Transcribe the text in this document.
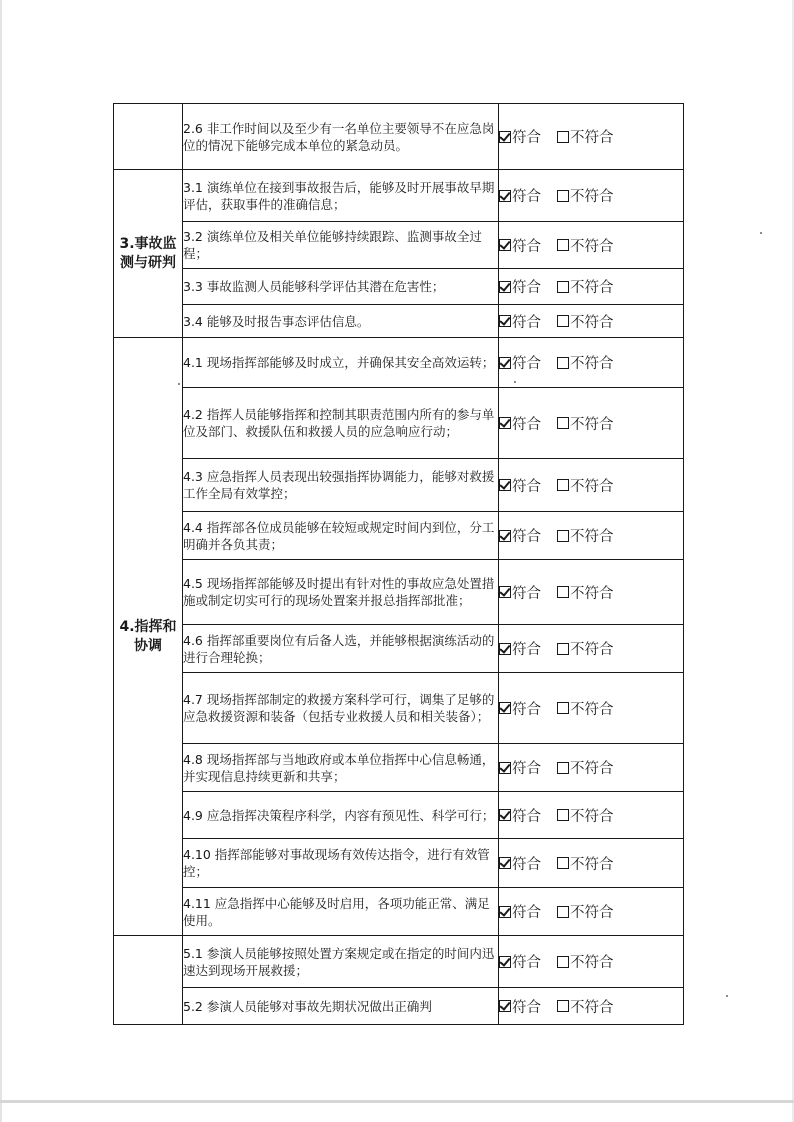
	2.6 非工作时间以及至少有一名单位主要领导不在应急岗位的情况下能够完成本单位的紧急动员。	符合 不符合

3.事故监测与研判	3.1 演练单位在接到事故报告后，能够及时开展事故早期评估，获取事件的准确信息；	符合 不符合

	3.2 演练单位及相关单位能够持续跟踪、监测事故全过程；	符合 不符合

	3.3 事故监测人员能够科学评估其潜在危害性；	符合 不符合

	3.4 能够及时报告事态评估信息。	符合 不符合

4.指挥和协调	4.1 现场指挥部能够及时成立，并确保其安全高效运转；	符合 不符合

	4.2 指挥人员能够指挥和控制其职责范围内所有的参与单位及部门、救援队伍和救援人员的应急响应行动；	符合 不符合

	4.3 应急指挥人员表现出较强指挥协调能力，能够对救援工作全局有效掌控；	符合 不符合

	4.4 指挥部各位成员能够在较短或规定时间内到位，分工明确并各负其责；	符合 不符合

	4.5 现场指挥部能够及时提出有针对性的事故应急处置措施或制定切实可行的现场处置案并报总指挥部批准；	符合 不符合

	4.6 指挥部重要岗位有后备人选，并能够根据演练活动的进行合理轮换；	符合 不符合

	4.7 现场指挥部制定的救援方案科学可行，调集了足够的应急救援资源和装备（包括专业救援人员和相关装备）；	符合 不符合

	4.8 现场指挥部与当地政府或本单位指挥中心信息畅通，并实现信息持续更新和共享；	符合 不符合

	4.9 应急指挥决策程序科学，内容有预见性、科学可行；	符合 不符合

	4.10 指挥部能够对事故现场有效传达指令，进行有效管控；	符合 不符合

	4.11 应急指挥中心能够及时启用，各项功能正常、满足使用。	符合 不符合

	5.1 参演人员能够按照处置方案规定或在指定的时间内迅速达到现场开展救援；	符合 不符合

	5.2 参演人员能够对事故先期状况做出正确判	符合 不符合
